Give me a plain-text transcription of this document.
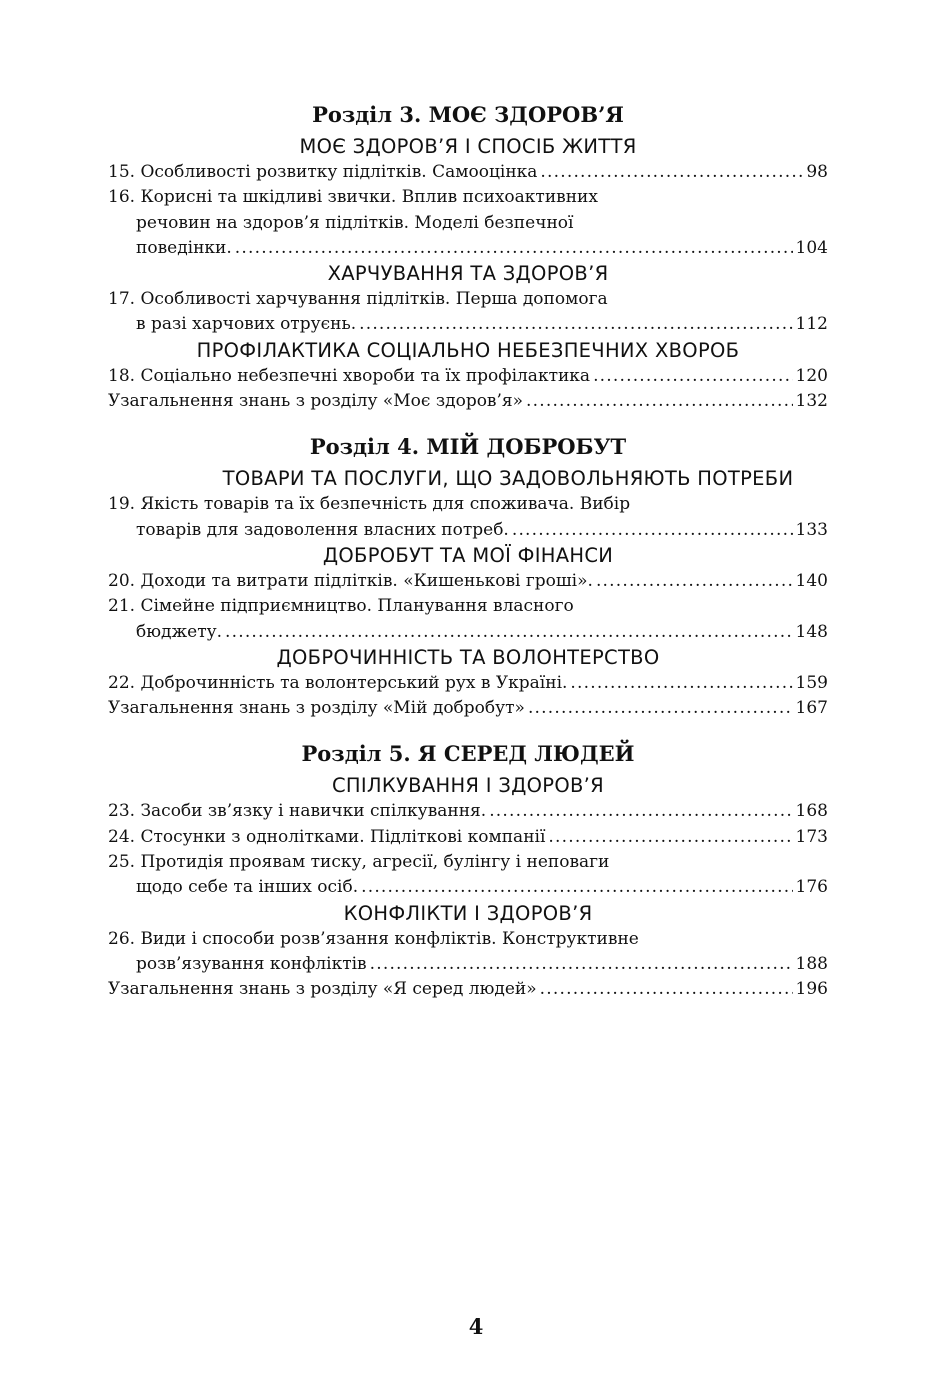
Розділ 3. МОЄ ЗДОРОВ’Я
МОЄ ЗДОРОВ’Я І СПОСІБ ЖИТТЯ
15. Особливості розвитку підлітків. Самооцінка .....	98
16. Корисні та шкідливі звички. Вплив психоактивних
речовин на здоров’я підлітків. Моделі безпечної
поведінки. .....	104
ХАРЧУВАННЯ ТА ЗДОРОВ’Я
17. Особливості харчування підлітків. Перша допомога
в разі харчових отруєнь. .....	112
ПРОФІЛАКТИКА СОЦІАЛЬНО НЕБЕЗПЕЧНИХ ХВОРОБ
18. Соціально небезпечні хвороби та їх профілактика .....	120
Узагальнення знань з розділу «Моє здоров’я» .....	132
Розділ 4. МІЙ ДОБРОБУТ
ТОВАРИ ТА ПОСЛУГИ, ЩО ЗАДОВОЛЬНЯЮТЬ ПОТРЕБИ
19. Якість товарів та їх безпечність для споживача. Вибір
товарів для задоволення власних потреб. .....	133
ДОБРОБУТ ТА МОЇ ФІНАНСИ
20. Доходи та витрати підлітків. «Кишенькові гроші». .....	140
21. Сімейне підприємництво. Планування власного
бюджету. .....	148
ДОБРОЧИННІСТЬ ТА ВОЛОНТЕРСТВО
22. Доброчинність та волонтерський рух в Україні. .....	159
Узагальнення знань з розділу «Мій добробут» .....	167
Розділ 5. Я СЕРЕД ЛЮДЕЙ
СПІЛКУВАННЯ І ЗДОРОВ’Я
23. Засоби зв’язку і навички спілкування. .....	168
24. Стосунки з однолітками. Підліткові компанії .....	173
25. Протидія проявам тиску, агресії, булінгу і неповаги
щодо себе та інших осіб. .....	176
КОНФЛІКТИ І ЗДОРОВ’Я
26. Види і способи розв’язання конфліктів. Конструктивне
розв’язування конфліктів .....	188
Узагальнення знань з розділу «Я серед людей» .....	196
4
